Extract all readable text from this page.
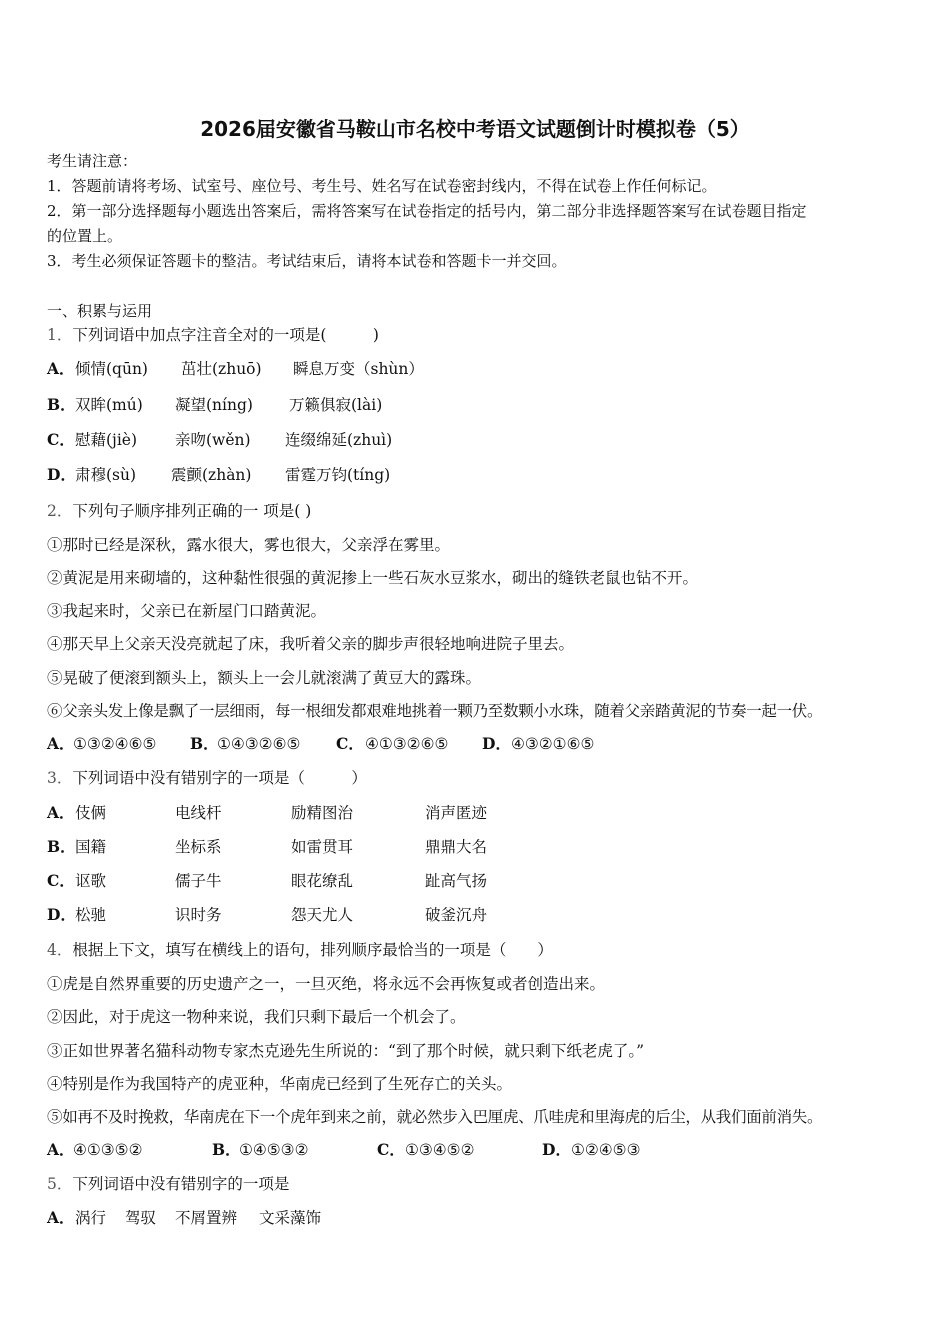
2026届安徽省马鞍山市名校中考语文试题倒计时模拟卷（5）
考生请注意：
1．答题前请将考场、试室号、座位号、考生号、姓名写在试卷密封线内，不得在试卷上作任何标记。
2．第一部分选择题每小题选出答案后，需将答案写在试卷指定的括号内，第二部分非选择题答案写在试卷题目指定
的位置上。
3．考生必须保证答题卡的整洁。考试结束后，请将本试卷和答题卡一并交回。
一、积累与运用
1．下列词语中加点字注音全对的一项是(　　　)
A． 倾情(qūn) 茁壮(zhuō) 瞬息万变（shùn）
B． 双眸(mú) 凝望(níng) 万籁俱寂(lài)
C． 慰藉(jiè) 亲吻(wěn) 连缀绵延(zhuì)
D． 肃穆(sù) 震颤(zhàn) 雷霆万钧(tíng)
2．下列句子顺序排列正确的一 项是( )
①那时已经是深秋，露水很大，雾也很大，父亲浮在雾里。
②黄泥是用来砌墙的，这种黏性很强的黄泥掺上一些石灰水豆浆水，砌出的缝铁老鼠也钻不开。
③我起来时，父亲已在新屋门口踏黄泥。
④那天早上父亲天没亮就起了床，我听着父亲的脚步声很轻地响进院子里去。
⑤晃破了便滚到额头上，额头上一会儿就滚满了黄豆大的露珠。
⑥父亲头发上像是飘了一层细雨，每一根细发都艰难地挑着一颗乃至数颗小水珠，随着父亲踏黄泥的节奏一起一伏。
A．
①③②④⑥⑤ B．
①④③②⑥⑤ C． ④①③②⑥⑤ D． ④③②①⑥⑤
3．下列词语中没有错别字的一项是（　　　）
A． 伎俩	电线杆	励精图治	消声匿迹
B． 国籍	坐标系	如雷贯耳	鼎鼎大名
C． 讴歌	儒子牛	眼花缭乱	趾高气扬
D． 松驰	识时务	怨天尤人	破釜沉舟
4．根据上下文，填写在横线上的语句，排列顺序最恰当的一项是（　　）
①虎是自然界重要的历史遗产之一，一旦灭绝，将永远不会再恢复或者创造出来。
②因此，对于虎这一物种来说，我们只剩下最后一个机会了。
③正如世界著名猫科动物专家杰克逊先生所说的：“到了那个时候，就只剩下纸老虎了。”
④特别是作为我国特产的虎亚种，华南虎已经到了生死存亡的关头。
⑤如再不及时挽救，华南虎在下一个虎年到来之前，就必然步入巴厘虎、爪哇虎和里海虎的后尘，从我们面前消失。
A．
④①③⑤②	B．
①④⑤③②	C． ①③④⑤②	D． ①②④⑤③
5．下列词语中没有错别字的一项是
A． 涡行 驾驭 不屑置辨 文采藻饰
